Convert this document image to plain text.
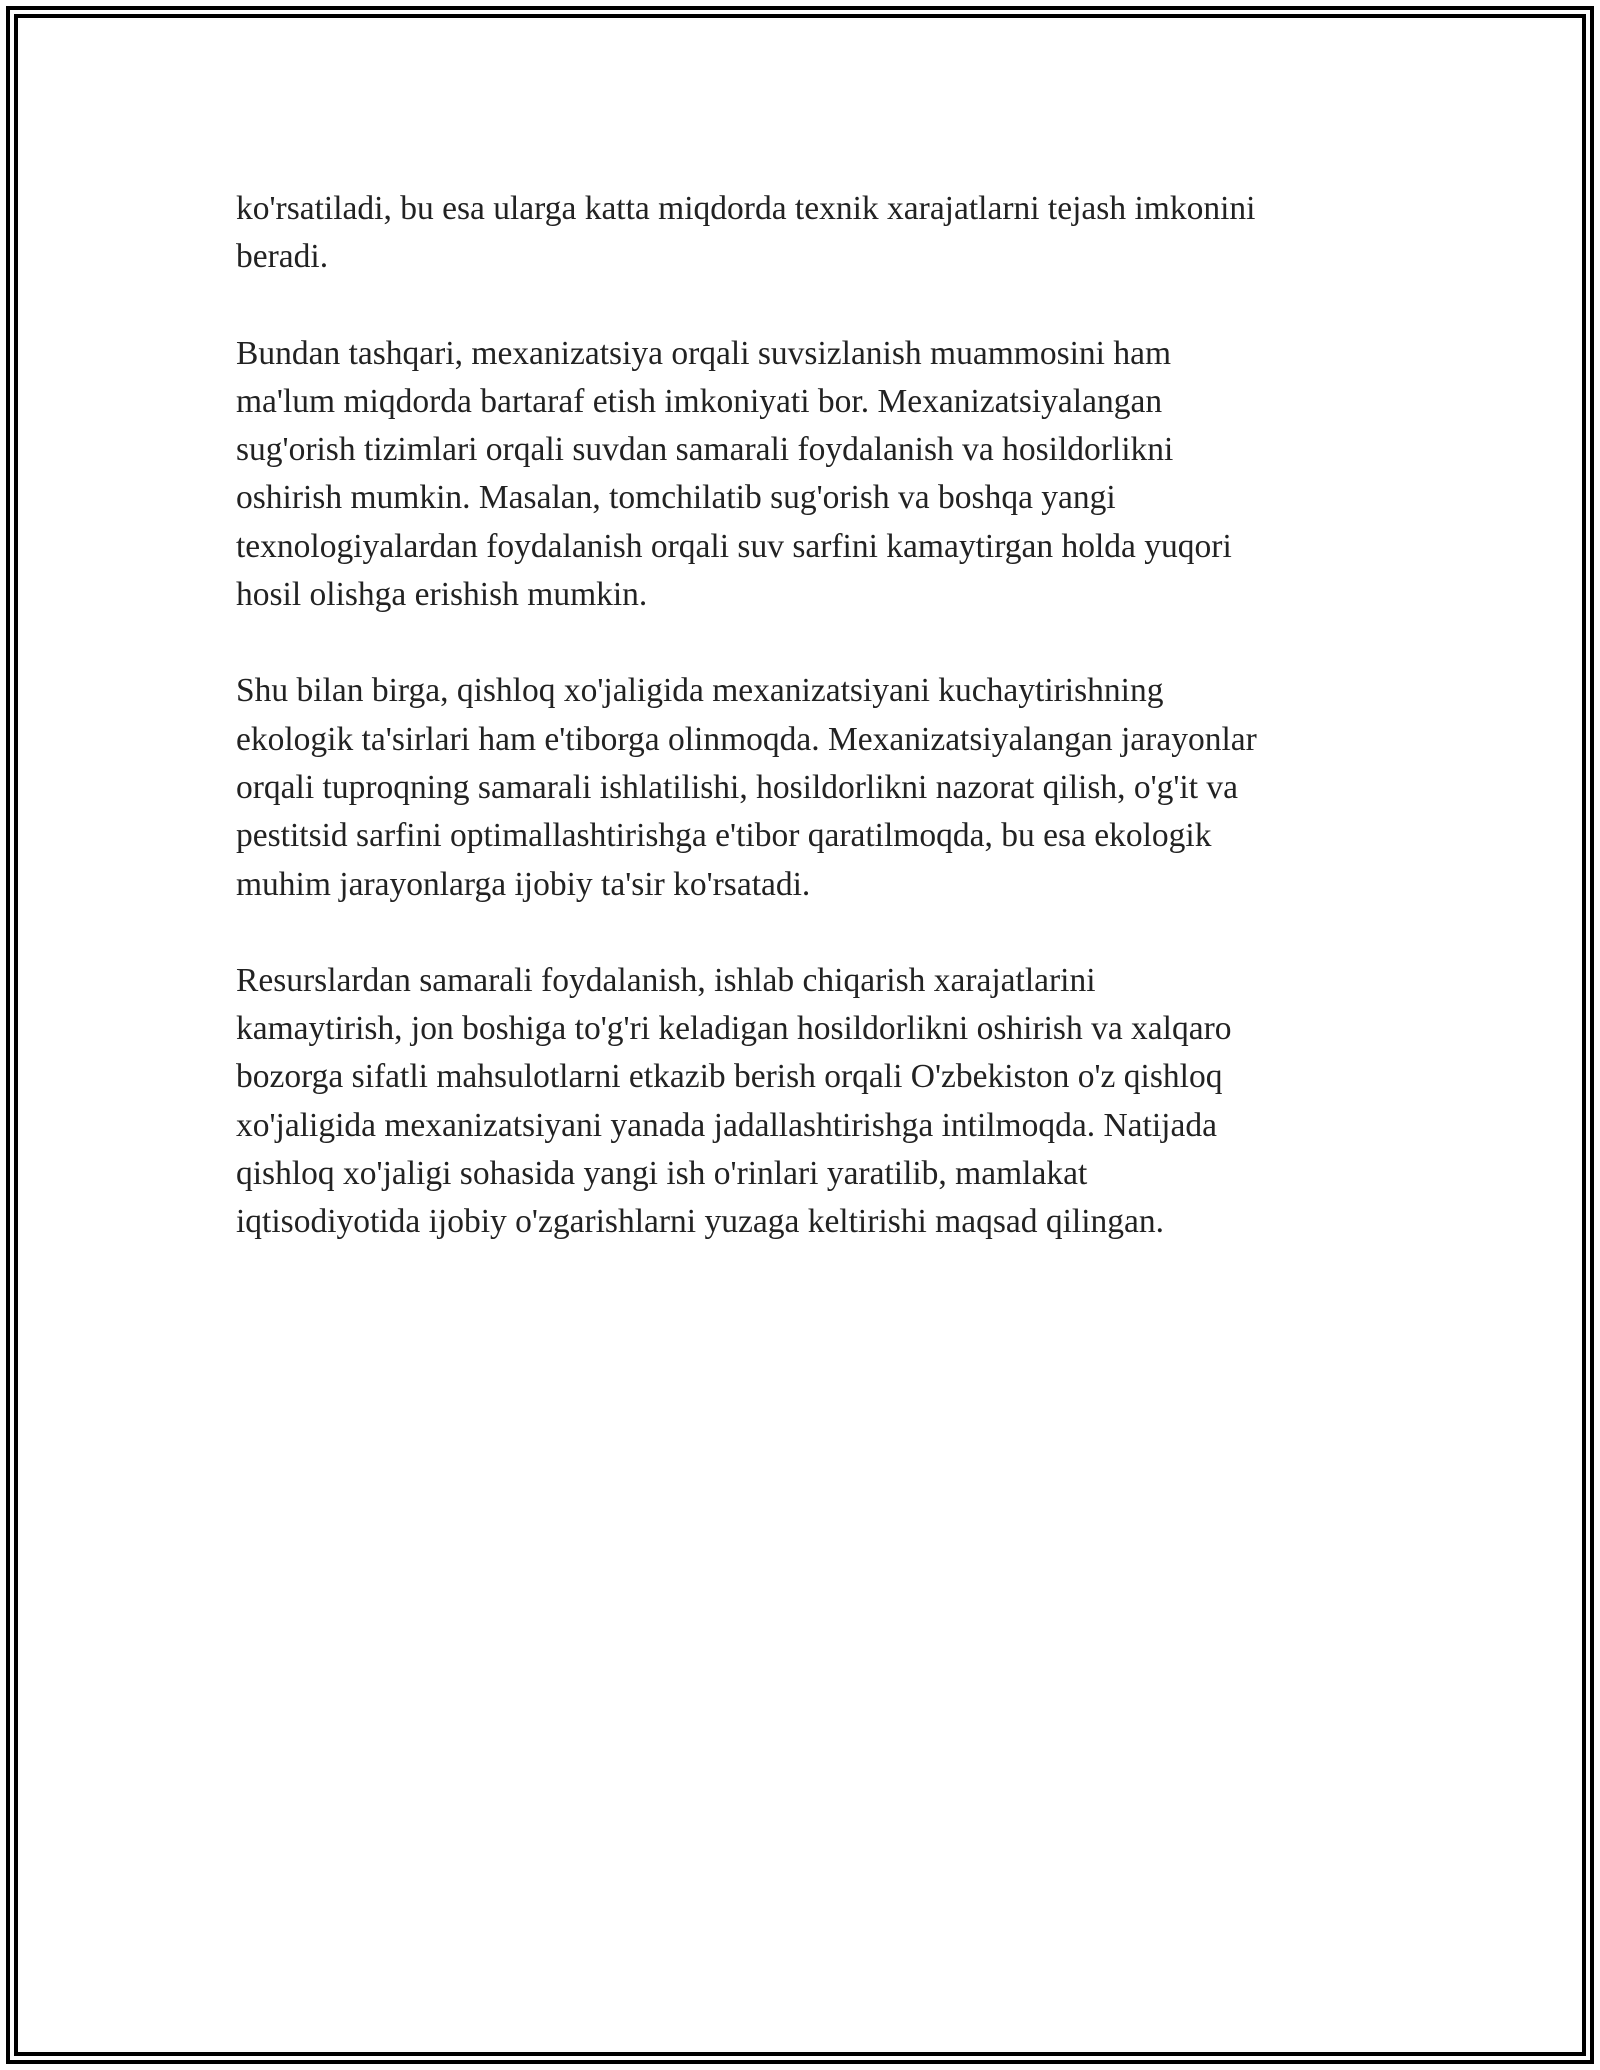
ko'rsatiladi, bu esa ularga katta miqdorda texnik xarajatlarni tejash imkonini
beradi.

Bundan tashqari, mexanizatsiya orqali suvsizlanish muammosini ham
ma'lum miqdorda bartaraf etish imkoniyati bor. Mexanizatsiyalangan
sug'orish tizimlari orqali suvdan samarali foydalanish va hosildorlikni
oshirish mumkin. Masalan, tomchilatib sug'orish va boshqa yangi
texnologiyalardan foydalanish orqali suv sarfini kamaytirgan holda yuqori
hosil olishga erishish mumkin.

Shu bilan birga, qishloq xo'jaligida mexanizatsiyani kuchaytirishning
ekologik ta'sirlari ham e'tiborga olinmoqda. Mexanizatsiyalangan jarayonlar
orqali tuproqning samarali ishlatilishi, hosildorlikni nazorat qilish, o'g'it va
pestitsid sarfini optimallashtirishga e'tibor qaratilmoqda, bu esa ekologik
muhim jarayonlarga ijobiy ta'sir ko'rsatadi.

Resurslardan samarali foydalanish, ishlab chiqarish xarajatlarini
kamaytirish, jon boshiga to'g'ri keladigan hosildorlikni oshirish va xalqaro
bozorga sifatli mahsulotlarni etkazib berish orqali O'zbekiston o'z qishloq
xo'jaligida mexanizatsiyani yanada jadallashtirishga intilmoqda. Natijada
qishloq xo'jaligi sohasida yangi ish o'rinlari yaratilib, mamlakat
iqtisodiyotida ijobiy o'zgarishlarni yuzaga keltirishi maqsad qilingan.
